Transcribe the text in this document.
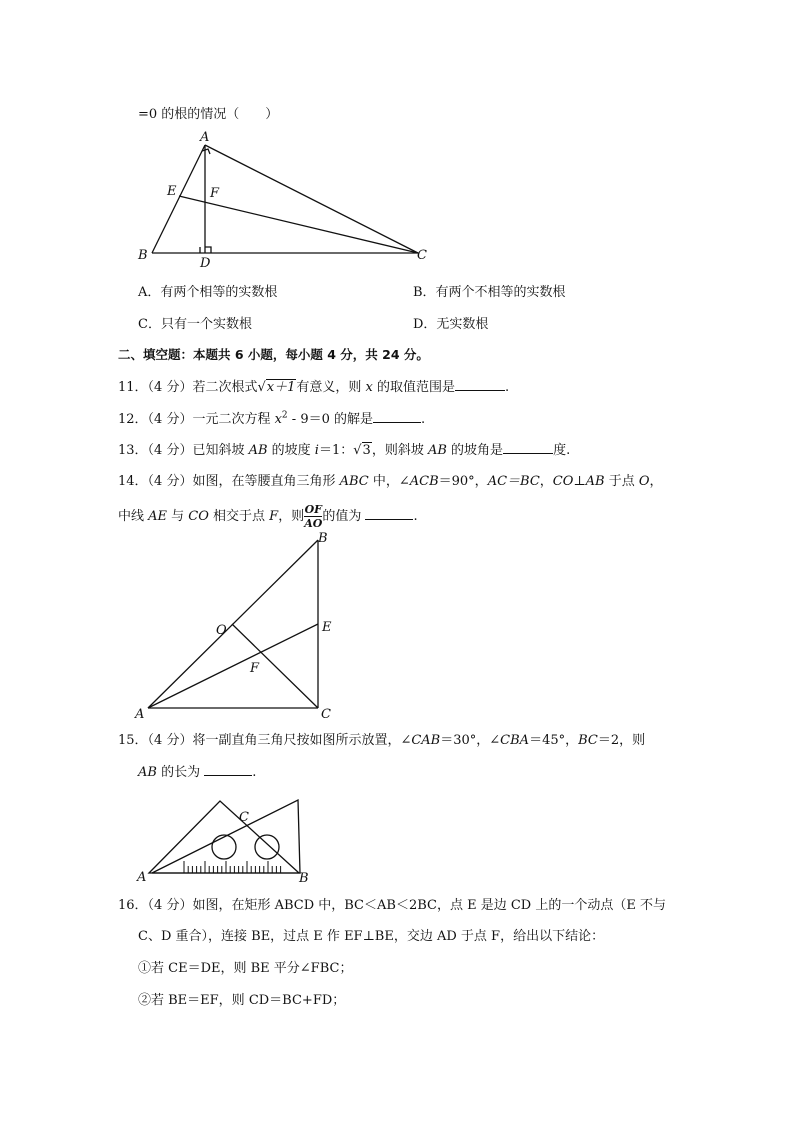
=0 的根的情况（　　）
A
B	C
D
E	F
A．有两个相等的实数根	B．有两个不相等的实数根
C．只有一个实数根	D．无实数根
二、填空题：本题共 6 小题，每小题 4 分，共 24 分。
11．（4 分）若二次根式√x＋1有意义，则 x 的取值范围是	.
12．（4 分）一元二次方程 $x^2 - 9=0$ 的解是	.
13．（4 分）已知斜坡 AB 的坡度 i＝1：√3，则斜坡 AB 的坡角是	度.
14．（4 分）如图，在等腰直角三角形 ABC 中，∠ACB＝90°，AC＝BC，CO⊥AB 于点 O，
中线 AE 与 CO 相交于点 F，则 $\frac{OF}{AO}$ 的值为	.
B
A	C
O	E
F
15．（4 分）将一副直角三角尺按如图所示放置，∠CAB＝30°，∠CBA＝45°，BC＝2，则
AB 的长为	.
A	B
C
16．（4 分）如图，在矩形 ABCD 中，BC＜AB＜2BC，点 E 是边 CD 上的一个动点（E 不与
C、D 重合），连接 BE，过点 E 作 EF⊥BE，交边 AD 于点 F，给出以下结论：
①若 CE＝DE，则 BE 平分∠FBC；
②若 BE＝EF，则 CD＝BC+FD；
